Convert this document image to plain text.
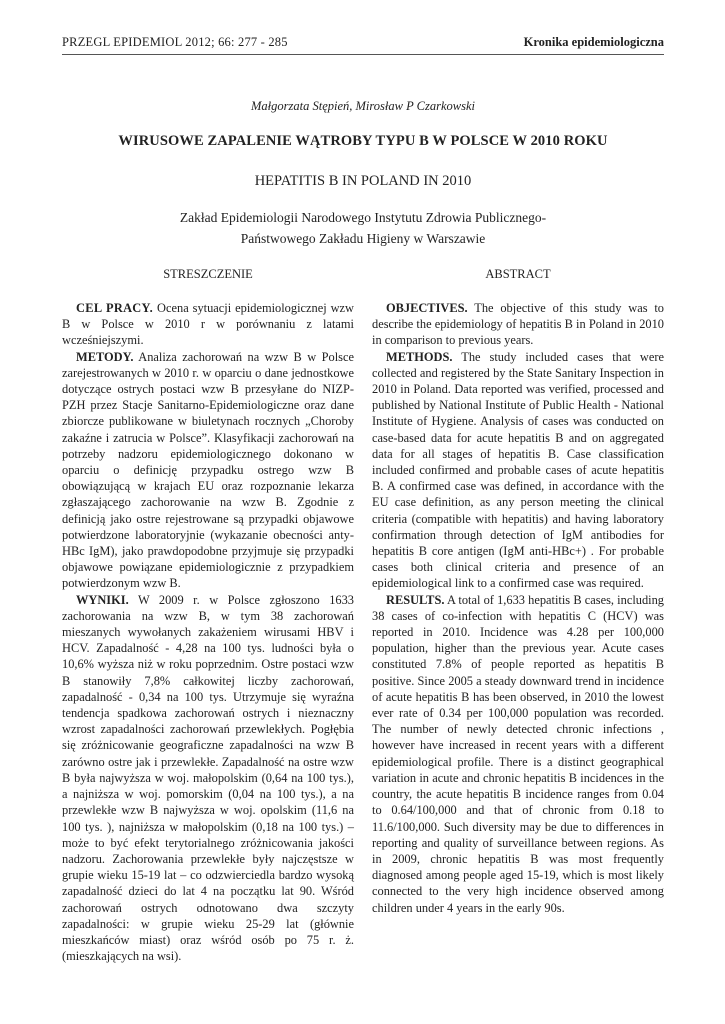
PRZEGL EPIDEMIOL 2012; 66: 277 - 285	Kronika epidemiologiczna
Małgorzata Stępień, Mirosław P Czarkowski
WIRUSOWE ZAPALENIE WĄTROBY TYPU B W POLSCE W 2010 ROKU
HEPATITIS B IN POLAND IN 2010
Zakład Epidemiologii Narodowego Instytutu Zdrowia Publicznego-
Państwowego Zakładu Higieny w Warszawie
STRESZCZENIE	ABSTRACT

CEL PRACY. Ocena sytuacji epidemiologicznej wzw B w Polsce w 2010 r w porównaniu z latami wcześniejszymi.

METODY. Analiza zachorowań na wzw B w Polsce zarejestrowanych w 2010 r. w oparciu o dane jednostkowe dotyczące ostrych postaci wzw B przesyłane do NIZP-PZH przez Stacje Sanitarno-Epidemiologiczne oraz dane zbiorcze publikowane w biuletynach rocznych „Choroby zakaźne i zatrucia w Polsce”. Klasyfikacji zachorowań na potrzeby nadzoru epidemiologicznego dokonano w oparciu o definicję przypadku ostrego wzw B obowiązującą w krajach EU oraz rozpoznanie lekarza zgłaszającego zachorowanie na wzw B. Zgodnie z definicją jako ostre rejestrowane są przypadki objawowe potwierdzone laboratoryjnie (wykazanie obecności anty-HBc IgM), jako prawdopodobne przyjmuje się przypadki objawowe powiązane epidemiologicznie z przypadkiem potwierdzonym wzw B.

WYNIKI. W 2009 r. w Polsce zgłoszono 1633 zachorowania na wzw B, w tym 38 zachorowań mieszanych wywołanych zakażeniem wirusami HBV i HCV. Zapadalność - 4,28 na 100 tys. ludności była o 10,6% wyższa niż w roku poprzednim. Ostre postaci wzw B stanowiły 7,8% całkowitej liczby zachorowań, zapadalność - 0,34 na 100 tys. Utrzymuje się wyraźna tendencja spadkowa zachorowań ostrych i nieznaczny wzrost zapadalności zachorowań przewlekłych. Pogłębia się zróżnicowanie geograficzne zapadalności na wzw B zarówno ostre jak i przewlekłe. Zapadalność na ostre wzw B była najwyższa w woj. małopolskim (0,64 na 100 tys.), a najniższa w woj. pomorskim (0,04 na 100 tys.), a na przewlekłe wzw B najwyższa w woj. opolskim (11,6 na 100 tys. ), najniższa w małopolskim (0,18 na 100 tys.) – może to być efekt terytorialnego zróżnicowania jakości nadzoru. Zachorowania przewlekłe były najczęstsze w grupie wieku 15-19 lat – co odzwierciedla bardzo wysoką zapadalność dzieci do lat 4 na początku lat 90. Wśród zachorowań ostrych odnotowano dwa szczyty zapadalności: w grupie wieku 25-29 lat (głównie mieszkańców miast) oraz wśród osób po 75 r. ż.(mieszkających na wsi).

OBJECTIVES. The objective of this study was to describe the epidemiology of hepatitis B in Poland in 2010 in comparison to previous years.

METHODS. The study included cases that were collected and registered by the State Sanitary Inspection in 2010 in Poland. Data reported was verified, processed and published by National Institute of Public Health - National Institute of Hygiene. Analysis of cases was conducted on case-based data for acute hepatitis B and on aggregated data for all stages of hepatitis B. Case classification included confirmed and probable cases of acute hepatitis B. A confirmed case was defined, in accordance with the EU case definition, as any person meeting the clinical criteria (compatible with hepatitis) and having laboratory confirmation through detection of IgM antibodies for hepatitis B core antigen (IgM anti-HBc+) . For probable cases both clinical criteria and presence of an epidemiological link to a confirmed case was required.

RESULTS. A total of 1,633 hepatitis B cases, including 38 cases of co-infection with hepatitis C (HCV) was reported in 2010. Incidence was 4.28 per 100,000 population, higher than the previous year. Acute cases constituted 7.8% of people reported as hepatitis B positive. Since 2005 a steady downward trend in incidence of acute hepatitis B has been observed, in 2010 the lowest ever rate of 0.34 per 100,000 population was recorded. The number of newly detected chronic infections , however have increased in recent years with a different epidemiological profile. There is a distinct geographical variation in acute and chronic hepatitis B incidences in the country, the acute hepatitis B incidence ranges from 0.04 to 0.64/100,000 and that of chronic from 0.18 to 11.6/100,000. Such diversity may be due to differences in reporting and quality of surveillance between regions. As in 2009, chronic hepatitis B was most frequently diagnosed among people aged 15-19, which is most likely connected to the very high incidence observed among children under 4 years in the early 90s.
